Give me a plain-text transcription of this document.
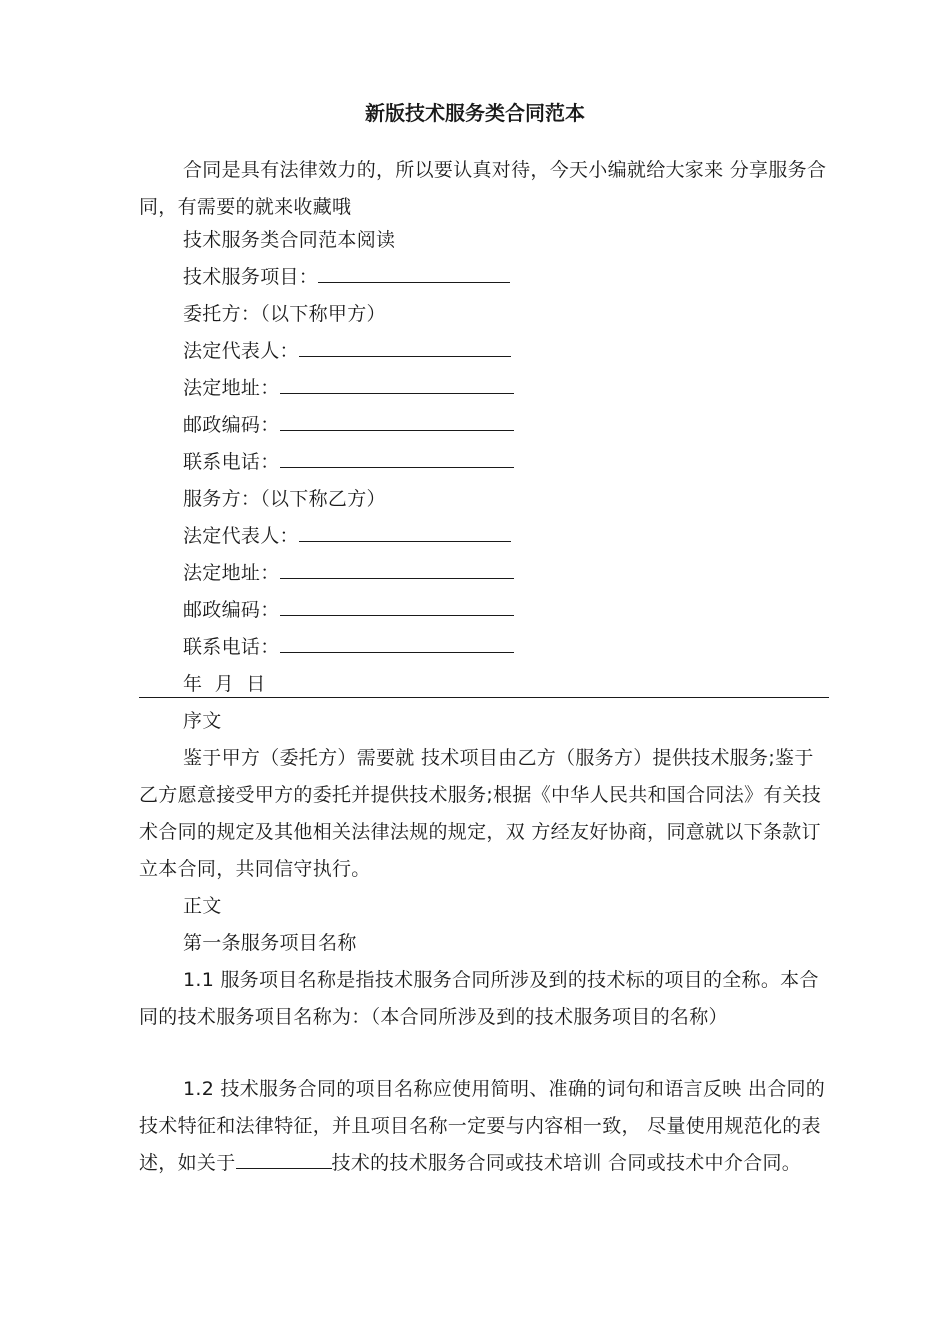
新版技术服务类合同范本

合同是具有法律效力的，所以要认真对待，今天小编就给大家来 分享服务合同，有需要的就来收藏哦

技术服务类合同范本阅读
技术服务项目：
委托方：（以下称甲方）
法定代表人：
法定地址：
邮政编码：
联系电话：
服务方：（以下称乙方）
法定代表人：
法定地址：
邮政编码：
联系电话：
年 月 日
序文

鉴于甲方（委托方）需要就 技术项目由乙方（服务方）提供技术服务;鉴于乙方愿意接受甲方的委托并提供技术服务;根据《中华人民共和国合同法》有关技术合同的规定及其他相关法律法规的规定，双 方经友好协商，同意就以下条款订立本合同，共同信守执行。

正文
第一条服务项目名称

1.1 服务项目名称是指技术服务合同所涉及到的技术标的项目的全称。本合同的技术服务项目名称为：（本合同所涉及到的技术服务项目的名称）

1.2 技术服务合同的项目名称应使用简明、准确的词句和语言反映 出合同的技术特征和法律特征，并且项目名称一定要与内容相一致， 尽量使用规范化的表述，如关于	技术的技术服务合同或技术培训 合同或技术中介合同。
